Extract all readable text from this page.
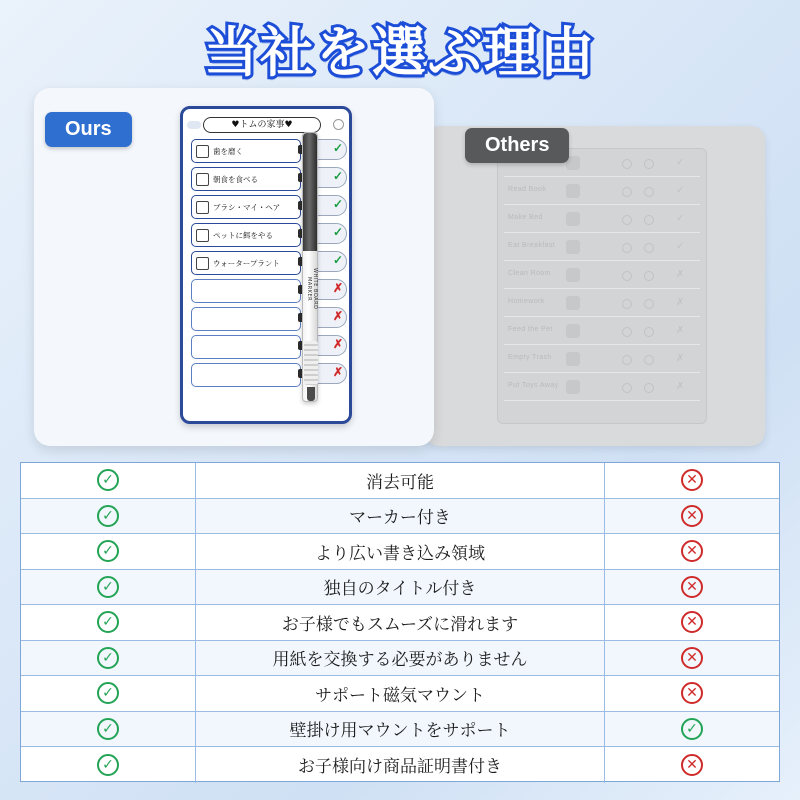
当社を選ぶ理由
✓
Read Book	✓
Make Bed	✓
Eat Breakfast	✓
Clean Room	✗
Homework	✗
Feed the Pet	✗
Empty Trash	✗
Put Toys Away	✗
Others
♥トムの家事♥
歯を磨く
朝食を食べる
ブラシ・マイ・ヘア
ペットに餌をやる
ウォータープラント
✓
✓
✓
✓
✓
✗
✗
✗
✗
WHITE BOARD MARKER
Ours
✓	消去可能	✕
✓	マーカー付き	✕
✓	より広い書き込み領域	✕
✓	独自のタイトル付き	✕
✓	お子様でもスムーズに滑れます	✕
✓	用紙を交換する必要がありません	✕
✓	サポート磁気マウント	✕
✓	壁掛け用マウントをサポート	✓
✓	お子様向け商品証明書付き	✕
